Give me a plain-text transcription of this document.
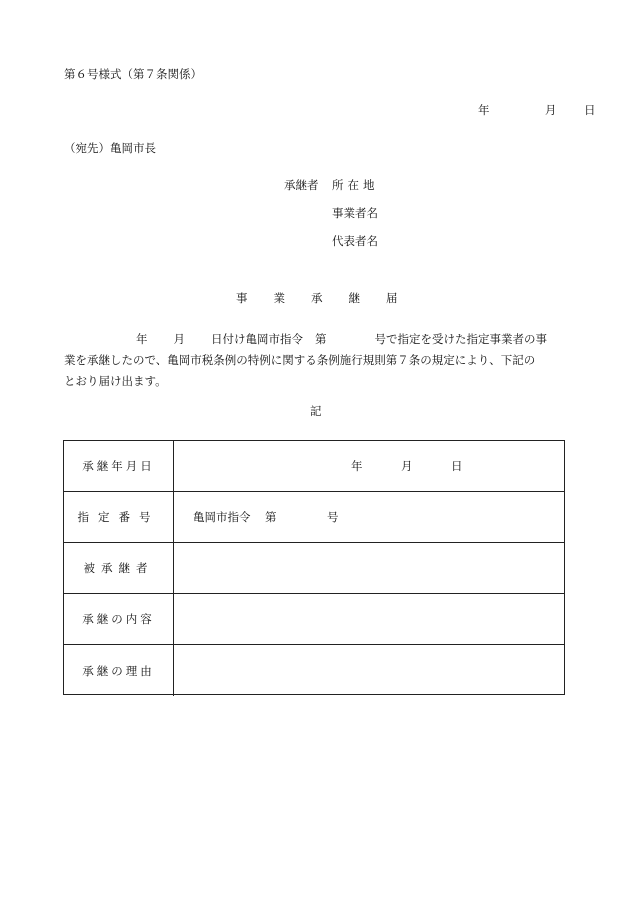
第６号様式（第７条関係）
年	月 日
（宛先）亀岡市長
承継者 所在地
事業者名
代表者名
事業承継届
年 月 日付け亀岡市指令 第	号で指定を受けた指定事業者の事
業を承継したので、亀岡市税条例の特例に関する条例施行規則第７条の規定により、下記の
とおり届け出ます。
記
承継年月日	年	月	日
指定番号	亀岡市指令 第	号
被承継者
承継の内容
承継の理由
